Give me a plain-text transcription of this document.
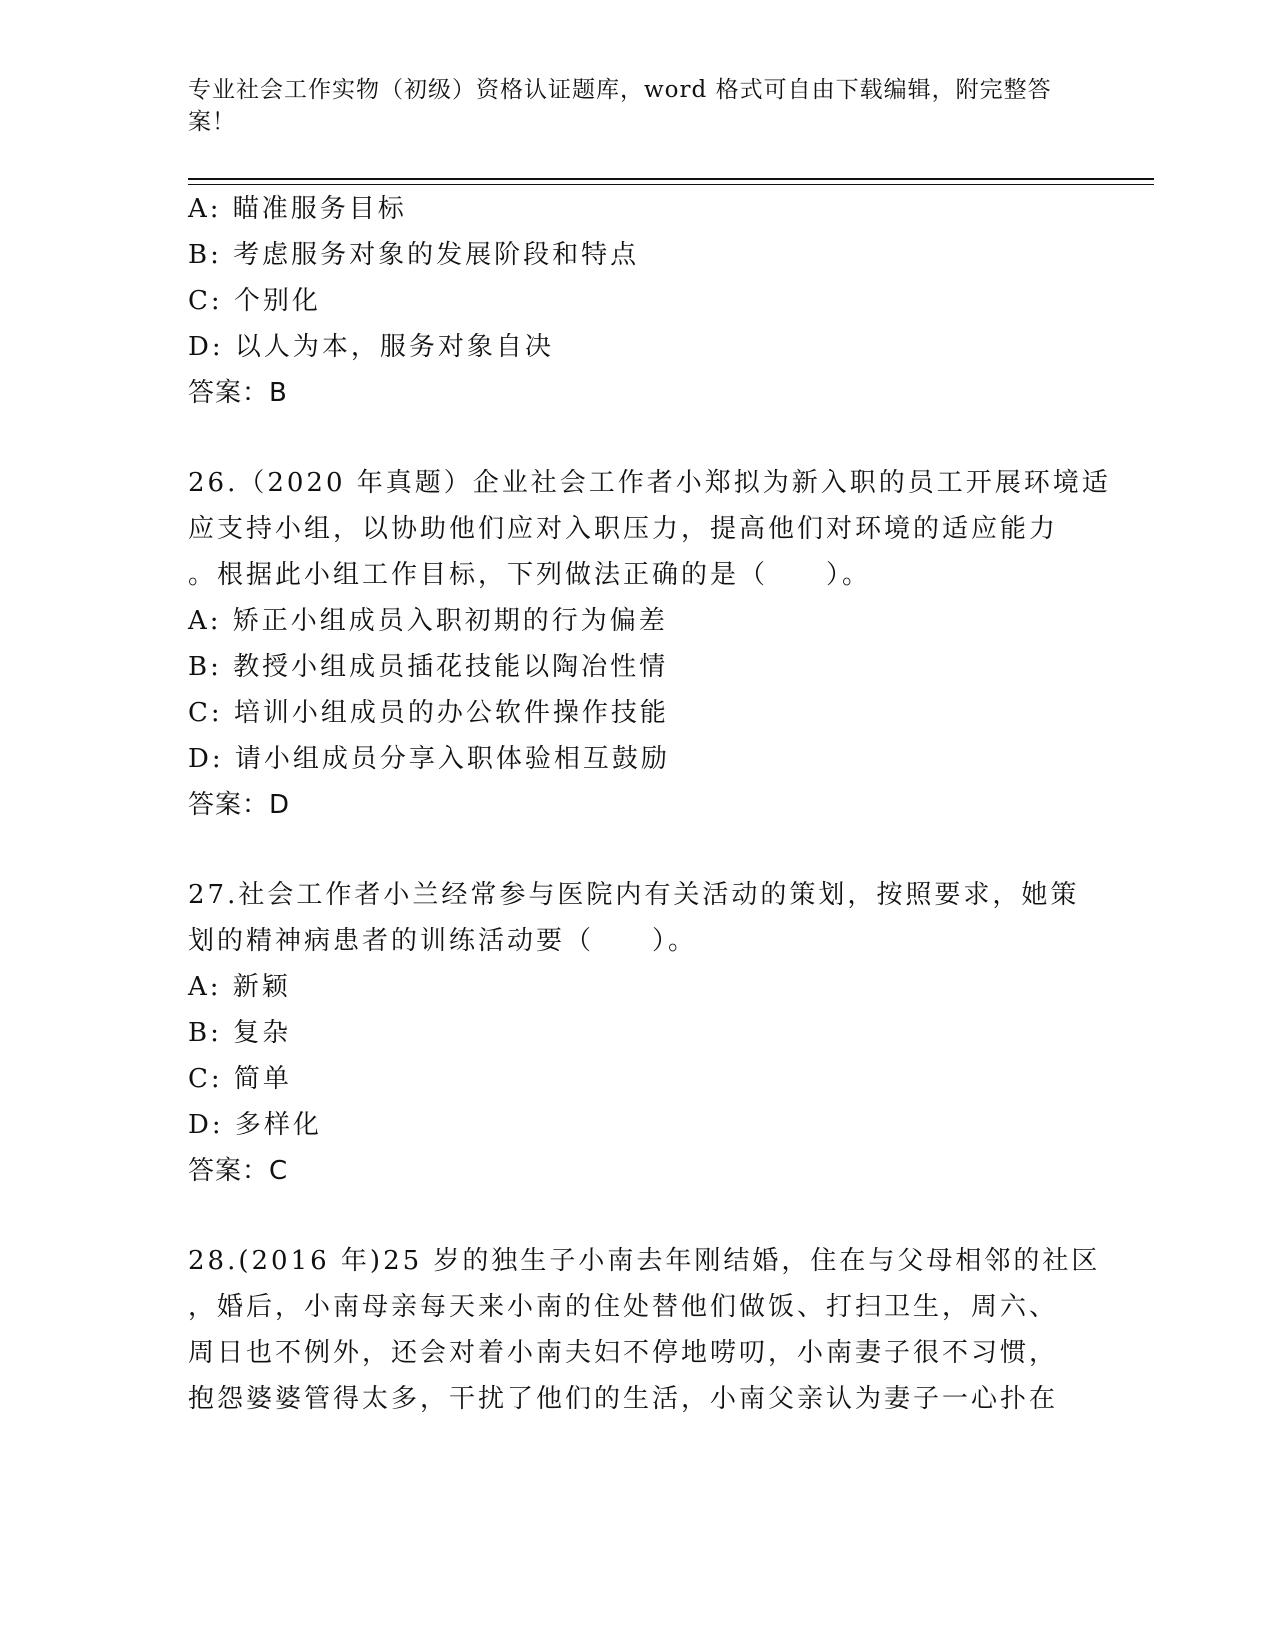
专业社会工作实物（初级）资格认证题库，word 格式可自由下载编辑，附完整答
案！
A: 瞄准服务目标
B: 考虑服务对象的发展阶段和特点
C: 个别化
D: 以人为本，服务对象自决
答案：B
26.（2020 年真题）企业社会工作者小郑拟为新入职的员工开展环境适
应支持小组，以协助他们应对入职压力，提高他们对环境的适应能力
。根据此小组工作目标，下列做法正确的是（　　）。
A: 矫正小组成员入职初期的行为偏差
B: 教授小组成员插花技能以陶冶性情
C: 培训小组成员的办公软件操作技能
D: 请小组成员分享入职体验相互鼓励
答案：D
27.社会工作者小兰经常参与医院内有关活动的策划，按照要求，她策
划的精神病患者的训练活动要（　　）。
A: 新颖
B: 复杂
C: 简单
D: 多样化
答案：C
28.(2016 年)25 岁的独生子小南去年刚结婚，住在与父母相邻的社区
，婚后，小南母亲每天来小南的住处替他们做饭、打扫卫生，周六、
周日也不例外，还会对着小南夫妇不停地唠叨，小南妻子很不习惯，
抱怨婆婆管得太多，干扰了他们的生活，小南父亲认为妻子一心扑在
